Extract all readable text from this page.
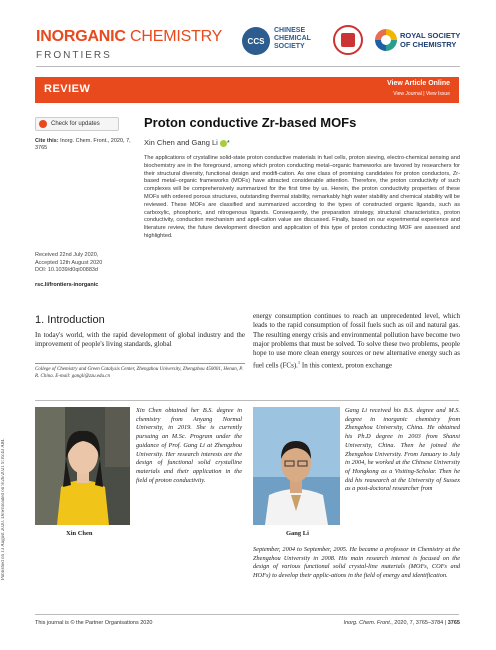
Published on 13 August 2020. Downloaded on 9/26/2021 9:16:43 AM.
INORGANIC CHEMISTRY
FRONTIERS
CCS
CHINESE
CHEMICAL
SOCIETY
ROYAL SOCIETY
OF CHEMISTRY
REVIEW	View Article Online
View Journal | View Issue
Check for updates
Cite this: Inorg. Chem. Front., 2020, 7, 3765
Received 22nd July 2020,
Accepted 12th August 2020
DOI: 10.1039/d0qi00883d
rsc.li/frontiers-inorganic
Proton conductive Zr-based MOFs
Xin Chen and Gang Li *
The applications of crystalline solid-state proton conductive materials in fuel cells, proton sieving, electro-chemical sensing and biochemistry are in the foreground, among which proton conducting metal–organic frameworks are favored by researchers for their structural diversity, functional design and modifi-cation. As one class of promising candidates for proton conductors, Zr-based metal–organic frameworks (MOFs) have attracted considerable attention. Therefore, the proton conductivity of such complexes will be comprehensively summarized for the first time by us. Herein, the proton conductivity properties of these MOFs with ordered porous structures, outstanding thermal stability, remarkably high water stability and chemical stability will be reviewed. These MOFs are classified and summarized according to the types of constructed organic ligands, such as carboxylic, phosphoric, and nitrogenous ligands. Consequently, the preparation strategy, structural characteristics, proton conductivity, conduction mechanism and appli-cation value are discussed. Finally, based on our experimental experience and literature review, the future development direction and application of this type of proton conducting MOF are assessed and highlighted.
1. Introduction
In today's world, with the rapid development of global industry and the improvement of people's living standards, global
College of Chemistry and Green Catalysis Center, Zhengzhou University, Zhengzhou 450001, Henan, P. R. China. E-mail: gangli@zzu.edu.cn
energy consumption continues to reach an unprecedented level, which leads to the rapid consumption of fossil fuels such as oil and natural gas. The resulting energy crisis and environmental pollution have become two major problems that must be solved. To solve these two problems, people hope to use more clean energy sources or new alternative energy such as fuel cells (FCs).$^1$ In this context, proton exchange
Xin Chen
Xin Chen obtained her B.S. degree in chemistry from Anyang Normal University, in 2019. She is currently pursuing an M.Sc. Program under the guidance of Prof. Gang Li at Zhengzhou University. Her research interests are the design of functional solid crystalline materials and their application in the field of proton conductivity.
Gang Li
Gang Li received his B.S. degree and M.S. degree in inorganic chemistry from Zhengzhou University, China. He obtained his Ph.D degree in 2003 from Shanxi University, China. Then he joined the Zhengzhou University. From January to July in 2004, he worked at the Chinese University of Hongkong as a Visiting-Scholar. Then he did his reasearch at the University of Sussex as a post-doctoral researcher from
September, 2004 to September, 2005. He became a professor in Chemistry at the Zhengzhou University in 2008. His main research interest is focused on the design of various functional solid crystal-line materials (MOFs, COFs and HOFs) to develop their applic-ations in the field of energy and identification.
This journal is © the Partner Organisations 2020	Inorg. Chem. Front., 2020, 7, 3765–3784 | 3765
